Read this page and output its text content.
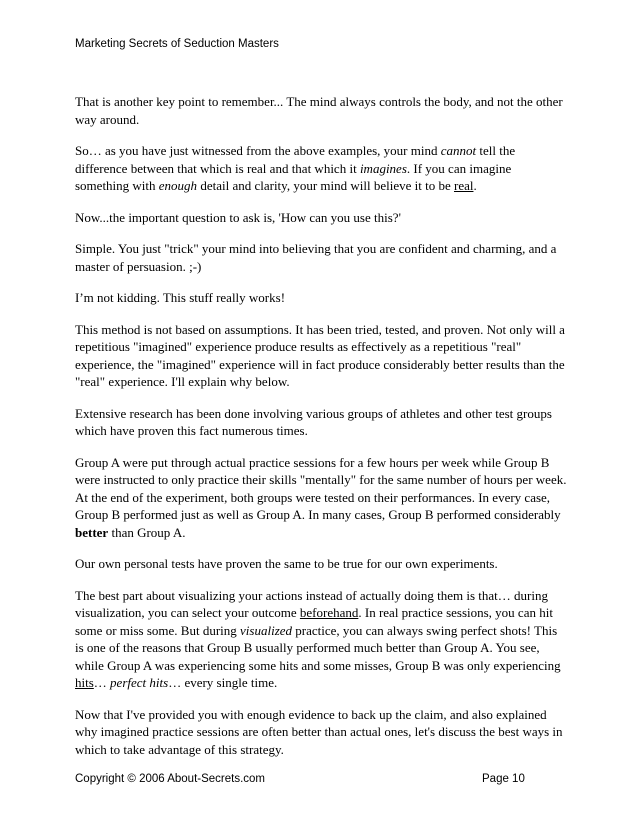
Marketing Secrets of Seduction Masters

That is another key point to remember... The mind always controls the body, and not the other way around.

So… as you have just witnessed from the above examples, your mind cannot tell the difference between that which is real and that which it imagines. If you can imagine something with enough detail and clarity, your mind will believe it to be real.

Now...the important question to ask is, 'How can you use this?'

Simple. You just "trick" your mind into believing that you are confident and charming, and a master of persuasion. ;-)

I’m not kidding. This stuff really works!

This method is not based on assumptions. It has been tried, tested, and proven. Not only will a repetitious "imagined" experience produce results as effectively as a repetitious "real" experience, the "imagined" experience will in fact produce considerably better results than the "real" experience. I'll explain why below.

Extensive research has been done involving various groups of athletes and other test groups which have proven this fact numerous times.

Group A were put through actual practice sessions for a few hours per week while Group B were instructed to only practice their skills "mentally" for the same number of hours per week. At the end of the experiment, both groups were tested on their performances. In every case, Group B performed just as well as Group A. In many cases, Group B performed considerably better than Group A.

Our own personal tests have proven the same to be true for our own experiments.

The best part about visualizing your actions instead of actually doing them is that… during visualization, you can select your outcome beforehand. In real practice sessions, you can hit some or miss some. But during visualized practice, you can always swing perfect shots! This is one of the reasons that Group B usually performed much better than Group A. You see, while Group A was experiencing some hits and some misses, Group B was only experiencing hits… perfect hits… every single time.

Now that I've provided you with enough evidence to back up the claim, and also explained why imagined practice sessions are often better than actual ones, let's discuss the best ways in which to take advantage of this strategy.

Copyright © 2006 About-Secrets.com	Page 10
